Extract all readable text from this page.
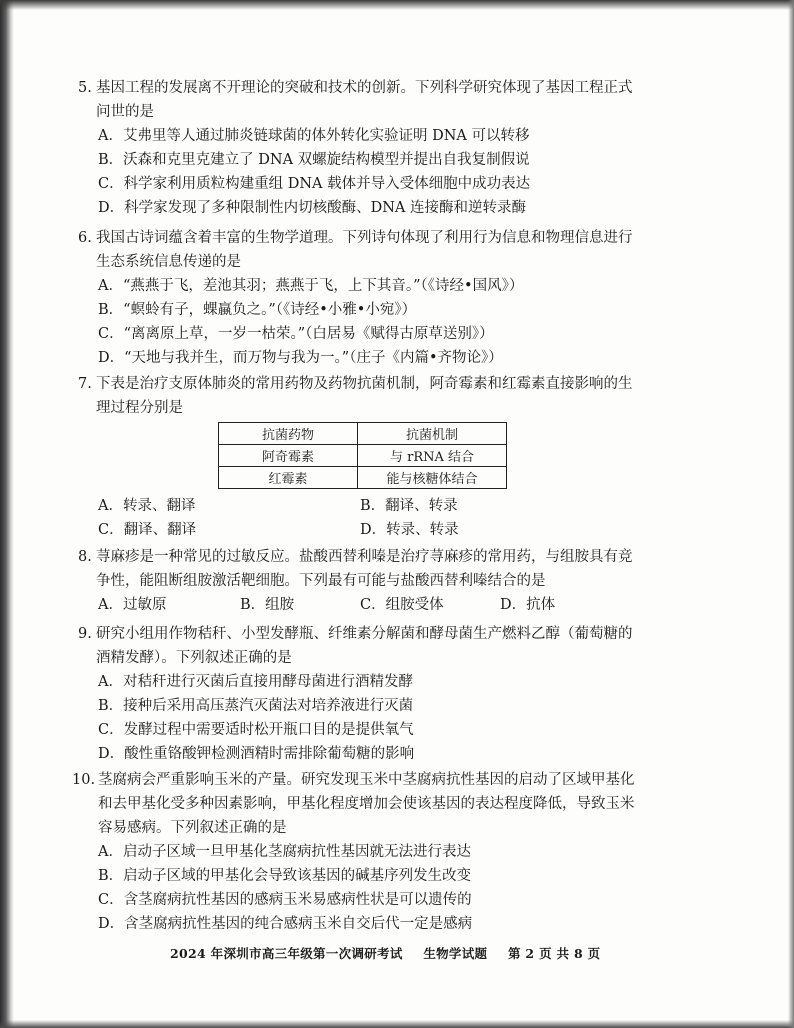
5. 基因工程的发展离不开理论的突破和技术的创新。下列科学研究体现了基因工程正式
问世的是
A．艾弗里等人通过肺炎链球菌的体外转化实验证明 DNA 可以转移
B．沃森和克里克建立了 DNA 双螺旋结构模型并提出自我复制假说
C．科学家利用质粒构建重组 DNA 载体并导入受体细胞中成功表达
D．科学家发现了多种限制性内切核酸酶、DNA 连接酶和逆转录酶
6. 我国古诗词蕴含着丰富的生物学道理。下列诗句体现了利用行为信息和物理信息进行
生态系统信息传递的是
A．“燕燕于飞，差池其羽；燕燕于飞，上下其音。”（《诗经•国风》）
B．“螟蛉有子，蜾蠃负之。”（《诗经•小雅•小宛》）
C．“离离原上草，一岁一枯荣。”（白居易《赋得古原草送别》）
D．“天地与我并生，而万物与我为一。”（庄子《内篇•齐物论》）
7. 下表是治疗支原体肺炎的常用药物及药物抗菌机制，阿奇霉素和红霉素直接影响的生
理过程分别是
抗菌药物	抗菌机制
阿奇霉素	与 rRNA 结合
红霉素	能与核糖体结合
A．转录、翻译	B．翻译、转录
C．翻译、翻译	D．转录、转录
8. 荨麻疹是一种常见的过敏反应。盐酸西替利嗪是治疗荨麻疹的常用药，与组胺具有竞
争性，能阻断组胺激活靶细胞。下列最有可能与盐酸西替利嗪结合的是
A．过敏原	B．组胺	C．组胺受体	D．抗体
9. 研究小组用作物秸秆、小型发酵瓶、纤维素分解菌和酵母菌生产燃料乙醇（葡萄糖的
酒精发酵）。下列叙述正确的是
A．对秸秆进行灭菌后直接用酵母菌进行酒精发酵
B．接种后采用高压蒸汽灭菌法对培养液进行灭菌
C．发酵过程中需要适时松开瓶口目的是提供氧气
D．酸性重铬酸钾检测酒精时需排除葡萄糖的影响
10. 茎腐病会严重影响玉米的产量。研究发现玉米中茎腐病抗性基因的启动了区域甲基化
和去甲基化受多种因素影响，甲基化程度增加会使该基因的表达程度降低，导致玉米
容易感病。下列叙述正确的是
A．启动子区域一旦甲基化茎腐病抗性基因就无法进行表达
B．启动子区域的甲基化会导致该基因的碱基序列发生改变
C．含茎腐病抗性基因的感病玉米易感病性状是可以遗传的
D．含茎腐病抗性基因的纯合感病玉米自交后代一定是感病
2024 年深圳市高三年级第一次调研考试 生物学试题 第 2 页 共 8 页
